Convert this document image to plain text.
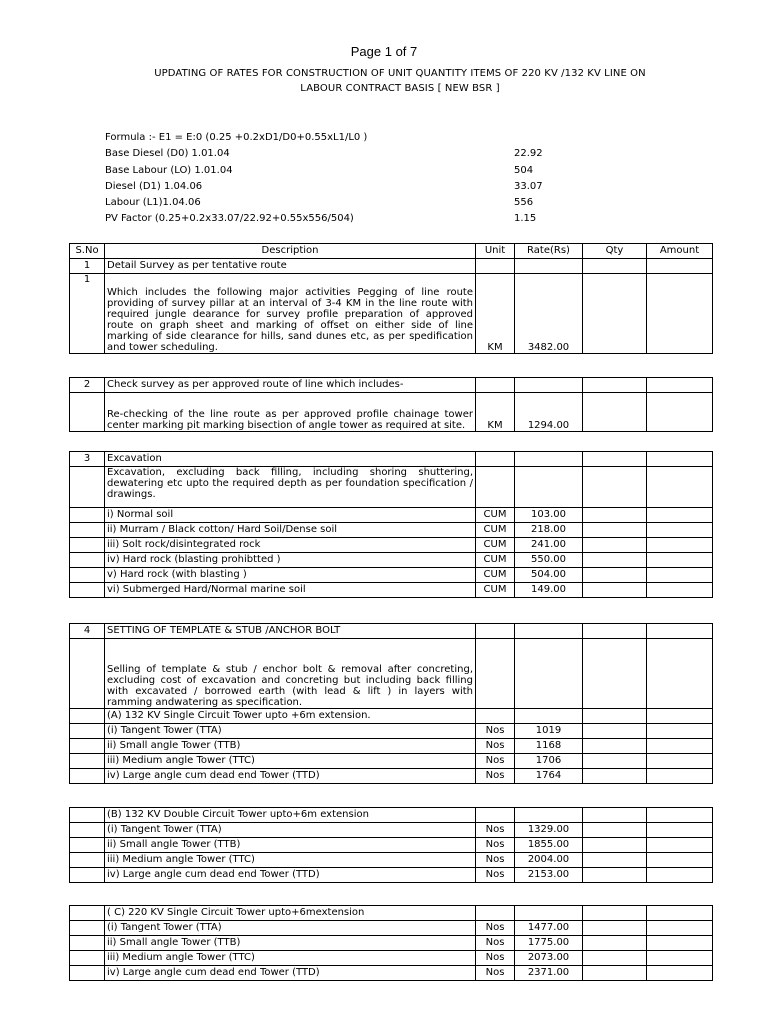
Page 1 of 7
UPDATING OF RATES FOR CONSTRUCTION OF UNIT QUANTITY ITEMS OF 220 KV /132 KV LINE ON
LABOUR CONTRACT BASIS [ NEW BSR ]
Formula :- E1 = E:0 (0.25 +0.2xD1/D0+0.55xL1/L0 )
Base Diesel (D0) 1.01.04	22.92
Base Labour (LO) 1.01.04	504
Diesel (D1) 1.04.06	33.07
Labour (L1)1.04.06	556
PV Factor (0.25+0.2x33.07/22.92+0.55x556/504)	1.15
S.No	Description	Unit	Rate(Rs)	Qty	Amount
1	Detail Survey as per tentative route				
1	Which includes the following major activities Pegging of line route providing of survey pillar at an interval of 3-4 KM in the line route with required jungle dearance for survey profile preparation of approved route on graph sheet and marking of offset on either side of line marking of side clearance for hills, sand dunes etc, as per spedification and tower scheduling.	KM	3482.00		
2	Check survey as per approved route of line which includes-				
	Re-checking of the line route as per approved profile chainage tower center marking pit marking bisection of angle tower as required at site.	KM	1294.00		
3	Excavation				
	Excavation, excluding back filling, including shoring shuttering, dewatering etc upto the required depth as per foundation specification / drawings.				
	i) Normal soil	CUM	103.00		
	ii) Murram / Black cotton/ Hard Soil/Dense soil	CUM	218.00		
	iii) Solt rock/disintegrated rock	CUM	241.00		
	iv) Hard rock (blasting prohibtted )	CUM	550.00		
	v) Hard rock (with blasting )	CUM	504.00		
	vi) Submerged Hard/Normal marine soil	CUM	149.00		
4	SETTING OF TEMPLATE & STUB /ANCHOR BOLT				
	Selling of template & stub / enchor bolt & removal after concreting, excluding cost of excavation and concreting but including back filling with excavated / borrowed earth (with lead & lift ) in layers with ramming andwatering as specification.				
	(A) 132 KV Single Circuit Tower upto +6m extension.				
	(i) Tangent Tower (TTA)	Nos	1019		
	ii) Small angle Tower (TTB)	Nos	1168		
	iii) Medium angle Tower (TTC)	Nos	1706		
	iv) Large angle cum dead end Tower (TTD)	Nos	1764		
	(B) 132 KV Double Circuit Tower upto+6m extension				
	(i) Tangent Tower (TTA)	Nos	1329.00		
	ii) Small angle Tower (TTB)	Nos	1855.00		
	iii) Medium angle Tower (TTC)	Nos	2004.00		
	iv) Large angle cum dead end Tower (TTD)	Nos	2153.00		
	( C) 220 KV Single Circuit Tower upto+6mextension				
	(i) Tangent Tower (TTA)	Nos	1477.00		
	ii) Small angle Tower (TTB)	Nos	1775.00		
	iii) Medium angle Tower (TTC)	Nos	2073.00		
	iv) Large angle cum dead end Tower (TTD)	Nos	2371.00		
